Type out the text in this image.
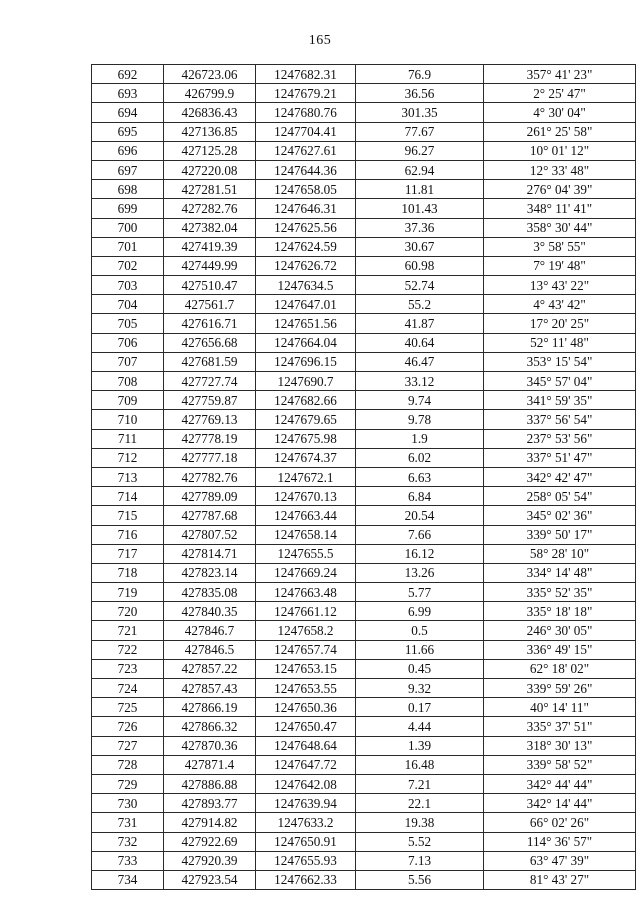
165
692	426723.06	1247682.31	76.9	357° 41' 23"
693	426799.9	1247679.21	36.56	2° 25' 47"
694	426836.43	1247680.76	301.35	4° 30' 04"
695	427136.85	1247704.41	77.67	261° 25' 58"
696	427125.28	1247627.61	96.27	10° 01' 12"
697	427220.08	1247644.36	62.94	12° 33' 48"
698	427281.51	1247658.05	11.81	276° 04' 39"
699	427282.76	1247646.31	101.43	348° 11' 41"
700	427382.04	1247625.56	37.36	358° 30' 44"
701	427419.39	1247624.59	30.67	3° 58' 55"
702	427449.99	1247626.72	60.98	7° 19' 48"
703	427510.47	1247634.5	52.74	13° 43' 22"
704	427561.7	1247647.01	55.2	4° 43' 42"
705	427616.71	1247651.56	41.87	17° 20' 25"
706	427656.68	1247664.04	40.64	52° 11' 48"
707	427681.59	1247696.15	46.47	353° 15' 54"
708	427727.74	1247690.7	33.12	345° 57' 04"
709	427759.87	1247682.66	9.74	341° 59' 35"
710	427769.13	1247679.65	9.78	337° 56' 54"
711	427778.19	1247675.98	1.9	237° 53' 56"
712	427777.18	1247674.37	6.02	337° 51' 47"
713	427782.76	1247672.1	6.63	342° 42' 47"
714	427789.09	1247670.13	6.84	258° 05' 54"
715	427787.68	1247663.44	20.54	345° 02' 36"
716	427807.52	1247658.14	7.66	339° 50' 17"
717	427814.71	1247655.5	16.12	58° 28' 10"
718	427823.14	1247669.24	13.26	334° 14' 48"
719	427835.08	1247663.48	5.77	335° 52' 35"
720	427840.35	1247661.12	6.99	335° 18' 18"
721	427846.7	1247658.2	0.5	246° 30' 05"
722	427846.5	1247657.74	11.66	336° 49' 15"
723	427857.22	1247653.15	0.45	62° 18' 02"
724	427857.43	1247653.55	9.32	339° 59' 26"
725	427866.19	1247650.36	0.17	40° 14' 11"
726	427866.32	1247650.47	4.44	335° 37' 51"
727	427870.36	1247648.64	1.39	318° 30' 13"
728	427871.4	1247647.72	16.48	339° 58' 52"
729	427886.88	1247642.08	7.21	342° 44' 44"
730	427893.77	1247639.94	22.1	342° 14' 44"
731	427914.82	1247633.2	19.38	66° 02' 26"
732	427922.69	1247650.91	5.52	114° 36' 57"
733	427920.39	1247655.93	7.13	63° 47' 39"
734	427923.54	1247662.33	5.56	81° 43' 27"
